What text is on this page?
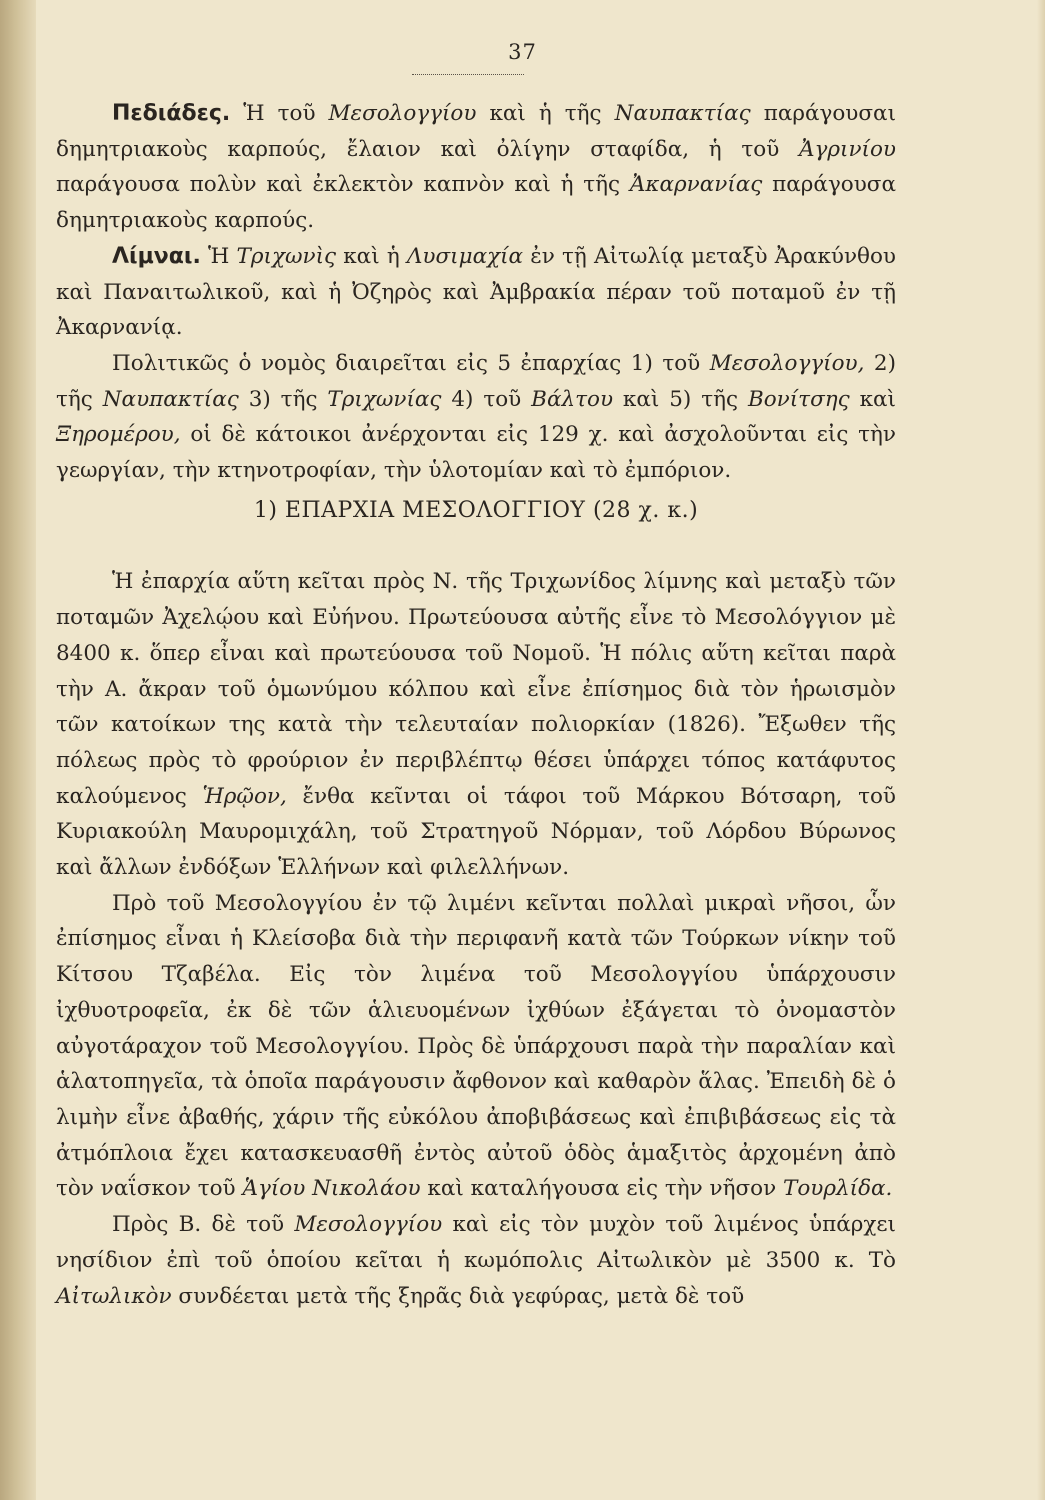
37

Πεδιάδες. Ἡ τοῦ Μεσολογγίου καὶ ἡ τῆς Ναυπακτίας παράγουσαι δημητριακοὺς καρπούς, ἔλαιον καὶ ὀλίγην σταφίδα, ἡ τοῦ Ἀγρινίου παράγουσα πολὺν καὶ ἐκλεκτὸν καπνὸν καὶ ἡ τῆς Ἀκαρνανίας παράγουσα δημητριακοὺς καρπούς.

Λίμναι. Ἡ Τριχωνὶς καὶ ἡ Λυσιμαχία ἐν τῇ Αἰτωλίᾳ μεταξὺ Ἀρακύνθου καὶ Παναιτωλικοῦ, καὶ ἡ Ὀζηρὸς καὶ Ἀμβρακία πέραν τοῦ ποταμοῦ ἐν τῇ Ἀκαρνανίᾳ.

Πολιτικῶς ὁ νομὸς διαιρεῖται εἰς 5 ἐπαρχίας 1) τοῦ Μεσολογγίου, 2) τῆς Ναυπακτίας 3) τῆς Τριχωνίας 4) τοῦ Βάλτου καὶ 5) τῆς Βονίτσης καὶ Ξηρομέρου, οἱ δὲ κάτοικοι ἀνέρχονται εἰς 129 χ. καὶ ἀσχολοῦνται εἰς τὴν γεωργίαν, τὴν κτηνοτροφίαν, τὴν ὑλοτομίαν καὶ τὸ ἐμπόριον.

1) ΕΠΑΡΧΙΑ ΜΕΣΟΛΟΓΓΙΟΥ (28 χ. κ.)

Ἡ ἐπαρχία αὕτη κεῖται πρὸς Ν. τῆς Τριχωνίδος λίμνης καὶ μεταξὺ τῶν ποταμῶν Ἀχελῴου καὶ Εὐήνου. Πρωτεύουσα αὐτῆς εἶνε τὸ Μεσολόγγιον μὲ 8400 κ. ὅπερ εἶναι καὶ πρωτεύουσα τοῦ Νομοῦ. Ἡ πόλις αὕτη κεῖται παρὰ τὴν Α. ἄκραν τοῦ ὁμωνύμου κόλπου καὶ εἶνε ἐπίσημος διὰ τὸν ἡρωισμὸν τῶν κατοίκων της κατὰ τὴν τελευταίαν πολιορκίαν (1826). Ἔξωθεν τῆς πόλεως πρὸς τὸ φρούριον ἐν περιβλέπτῳ θέσει ὑπάρχει τόπος κατάφυτος καλούμενος Ἡρῷον, ἔνθα κεῖνται οἱ τάφοι τοῦ Μάρκου Βότσαρη, τοῦ Κυριακούλη Μαυρομιχάλη, τοῦ Στρατηγοῦ Νόρμαν, τοῦ Λόρδου Βύρωνος καὶ ἄλλων ἐνδόξων Ἑλλήνων καὶ φιλελλήνων.

Πρὸ τοῦ Μεσολογγίου ἐν τῷ λιμένι κεῖνται πολλαὶ μικραὶ νῆσοι, ὧν ἐπίσημος εἶναι ἡ Κλείσοβα διὰ τὴν περιφανῆ κατὰ τῶν Τούρκων νίκην τοῦ Κίτσου Τζαβέλα. Εἰς τὸν λιμένα τοῦ Μεσολογγίου ὑπάρχουσιν ἰχθυοτροφεῖα, ἐκ δὲ τῶν ἁλιευομένων ἰχθύων ἐξάγεται τὸ ὀνομαστὸν αὐγοτάραχον τοῦ Μεσολογγίου. Πρὸς δὲ ὑπάρχουσι παρὰ τὴν παραλίαν καὶ ἁλατοπηγεῖα, τὰ ὁποῖα παράγουσιν ἄφθονον καὶ καθαρὸν ἅλας. Ἐπειδὴ δὲ ὁ λιμὴν εἶνε ἀβαθής, χάριν τῆς εὐκόλου ἀποβιβάσεως καὶ ἐπιβιβάσεως εἰς τὰ ἀτμόπλοια ἔχει κατασκευασθῆ ἐντὸς αὐτοῦ ὁδὸς ἁμαξιτὸς ἀρχομένη ἀπὸ τὸν ναΐσκον τοῦ Ἁγίου Νικολάου καὶ καταλήγουσα εἰς τὴν νῆσον Τουρλίδα.

Πρὸς Β. δὲ τοῦ Μεσολογγίου καὶ εἰς τὸν μυχὸν τοῦ λιμένος ὑπάρχει νησίδιον ἐπὶ τοῦ ὁποίου κεῖται ἡ κωμόπολις Αἰτωλικὸν μὲ 3500 κ. Τὸ Αἰτωλικὸν συνδέεται μετὰ τῆς ξηρᾶς διὰ γεφύρας, μετὰ δὲ τοῦ
